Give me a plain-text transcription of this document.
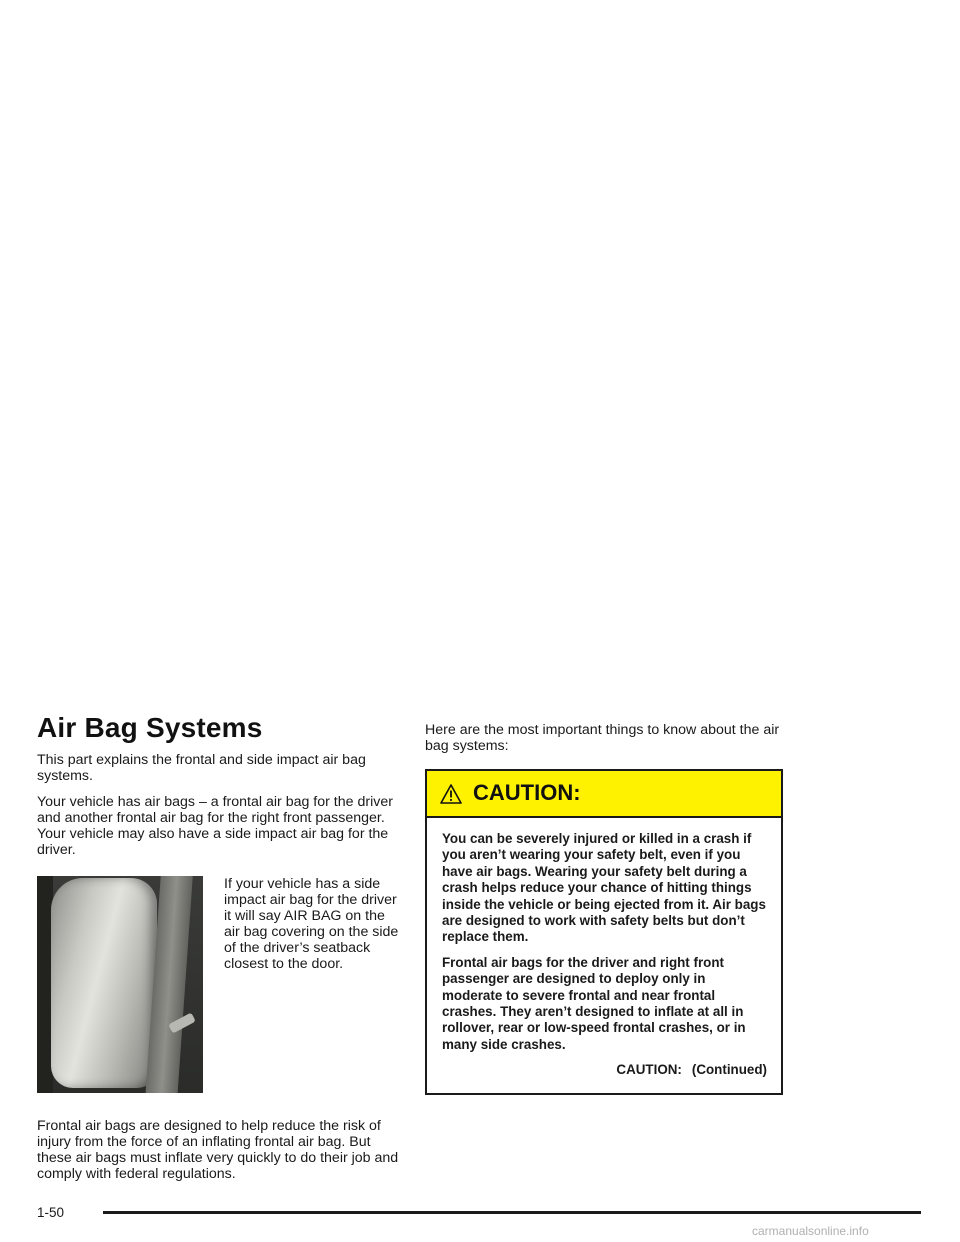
Air Bag Systems

This part explains the frontal and side impact air bag systems.

Your vehicle has air bags – a frontal air bag for the driver and another frontal air bag for the right front passenger. Your vehicle may also have a side impact air bag for the driver.

If your vehicle has a side impact air bag for the driver it will say AIR BAG on the air bag covering on the side of the driver’s seatback closest to the door.

Frontal air bags are designed to help reduce the risk of injury from the force of an inflating frontal air bag. But these air bags must inflate very quickly to do their job and comply with federal regulations.

Here are the most important things to know about the air bag systems:

CAUTION:

You can be severely injured or killed in a crash if you aren’t wearing your safety belt, even if you have air bags. Wearing your safety belt during a crash helps reduce your chance of hitting things inside the vehicle or being ejected from it. Air bags are designed to work with safety belts but don’t replace them.

Frontal air bags for the driver and right front passenger are designed to deploy only in moderate to severe frontal and near frontal crashes. They aren’t designed to inflate at all in rollover, rear or low-speed frontal crashes, or in many side crashes.

CAUTION: (Continued)

1-50
carmanualsonline.info
